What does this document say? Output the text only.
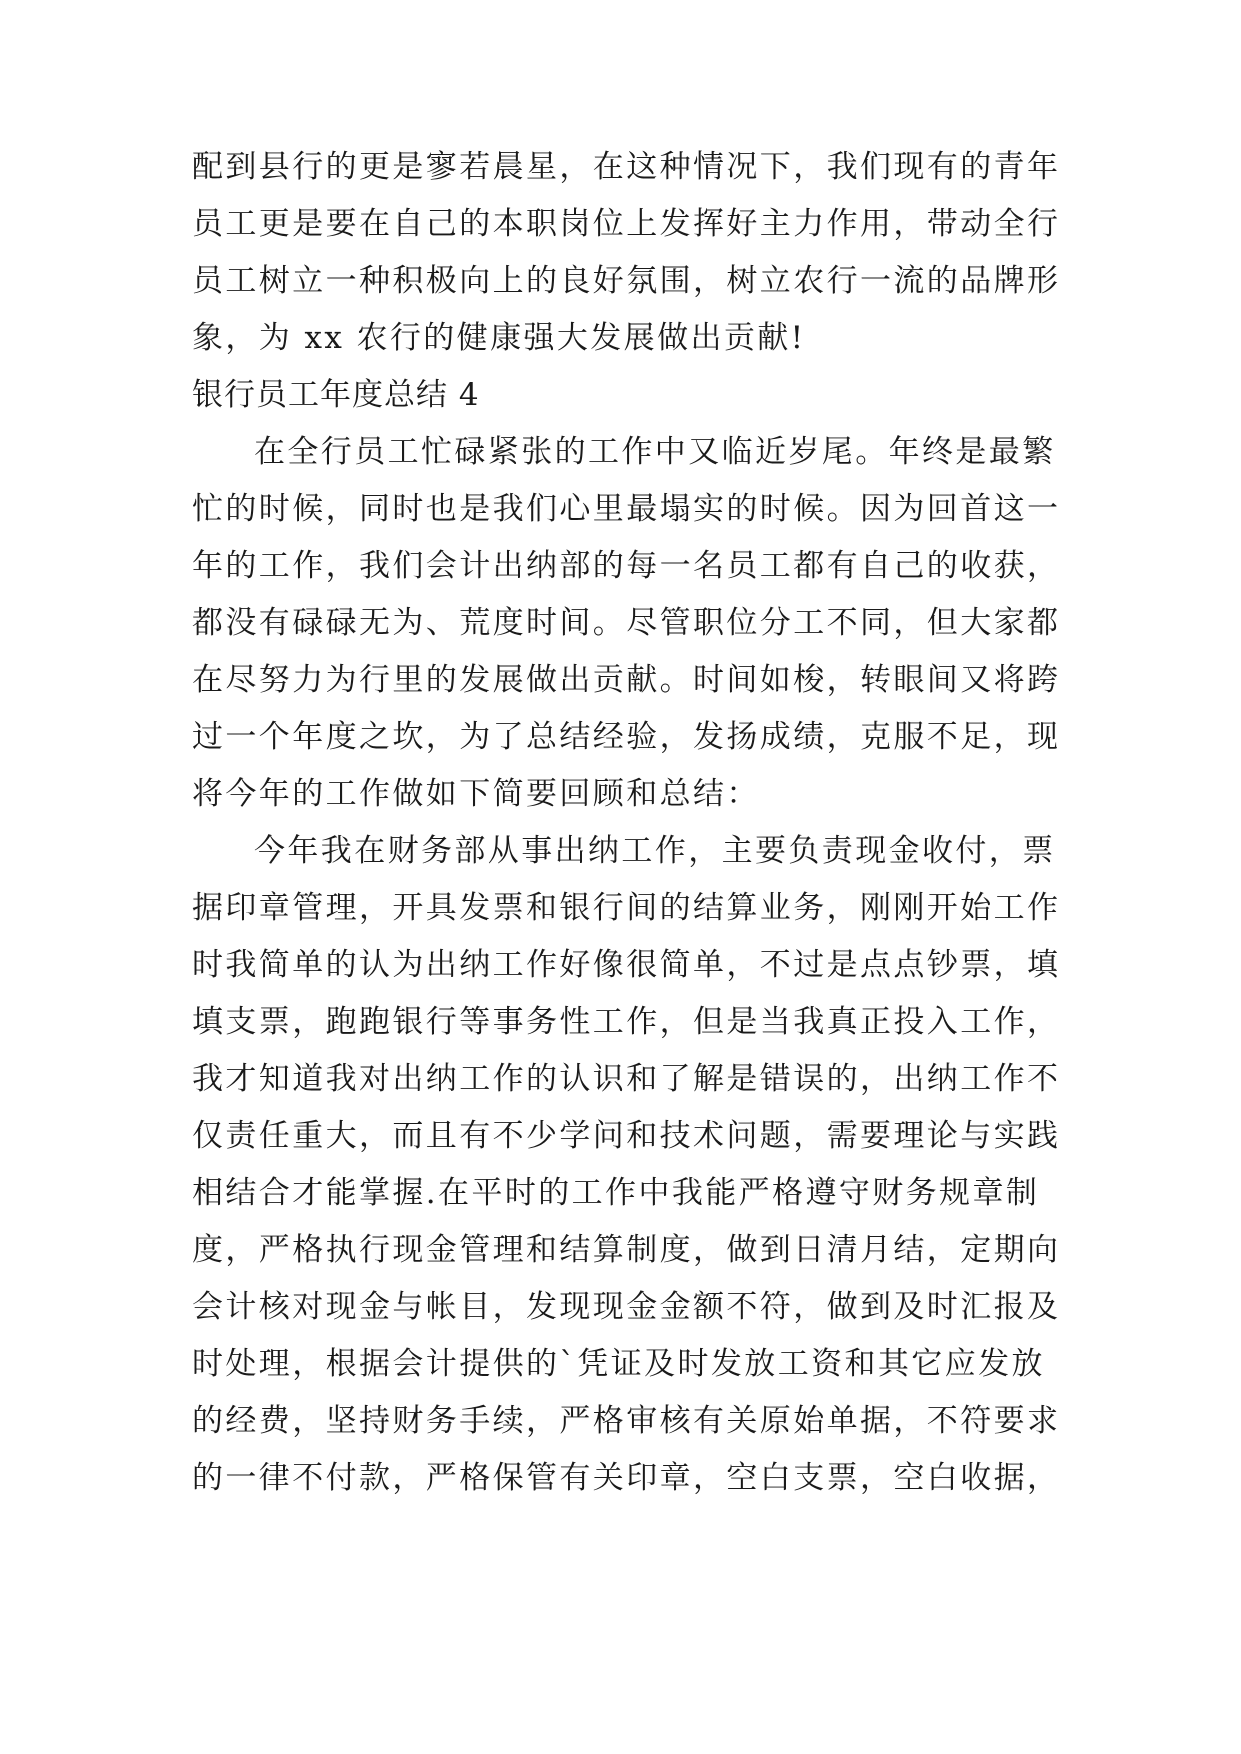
配到县行的更是寥若晨星，在这种情况下，我们现有的青年
员工更是要在自己的本职岗位上发挥好主力作用，带动全行
员工树立一种积极向上的良好氛围，树立农行一流的品牌形
象，为 xx 农行的健康强大发展做出贡献!
银行员工年度总结 4
在全行员工忙碌紧张的工作中又临近岁尾。年终是最繁
忙的时候，同时也是我们心里最塌实的时候。因为回首这一
年的工作，我们会计出纳部的每一名员工都有自己的收获，
都没有碌碌无为、荒度时间。尽管职位分工不同，但大家都
在尽努力为行里的发展做出贡献。时间如梭，转眼间又将跨
过一个年度之坎，为了总结经验，发扬成绩，克服不足，现
将今年的工作做如下简要回顾和总结：
今年我在财务部从事出纳工作，主要负责现金收付，票
据印章管理，开具发票和银行间的结算业务，刚刚开始工作
时我简单的认为出纳工作好像很简单，不过是点点钞票，填
填支票，跑跑银行等事务性工作，但是当我真正投入工作，
我才知道我对出纳工作的认识和了解是错误的，出纳工作不
仅责任重大，而且有不少学问和技术问题，需要理论与实践
相结合才能掌握.在平时的工作中我能严格遵守财务规章制
度，严格执行现金管理和结算制度，做到日清月结，定期向
会计核对现金与帐目，发现现金金额不符，做到及时汇报及
时处理，根据会计提供的`凭证及时发放工资和其它应发放
的经费，坚持财务手续，严格审核有关原始单据，不符要求
的一律不付款，严格保管有关印章，空白支票，空白收据，
